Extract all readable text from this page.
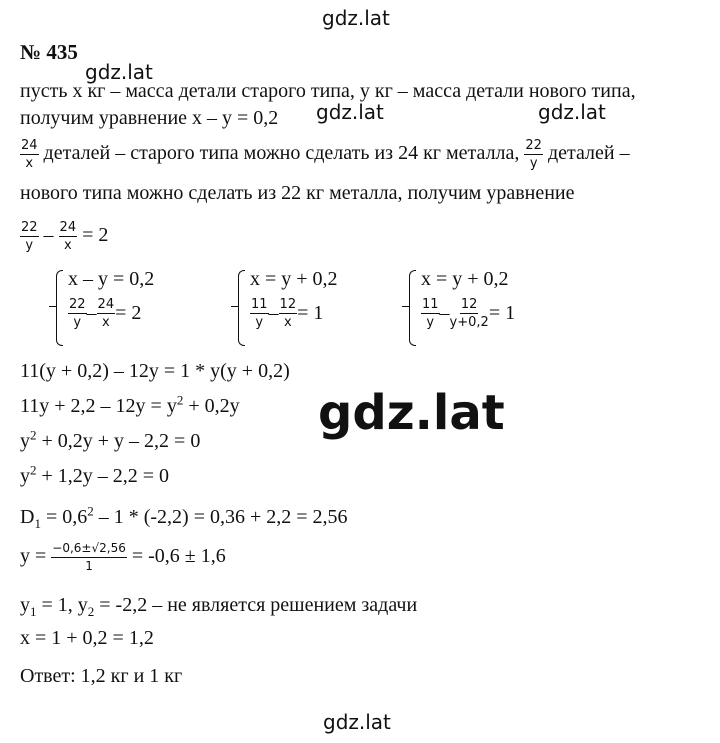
gdz.lat
gdz.lat
gdz.lat	gdz.lat
gdz.lat
gdz.lat
№ 435
пусть х кг – масса детали старого типа, у кг – масса детали нового типа,
получим уравнение х – у = 0,2
$\frac{24}{x}$ деталей – старого типа можно сделать из 24 кг металла, $\frac{22}{y}$ деталей –
нового типа можно сделать из 22 кг металла, получим уравнение
$\frac{22}{y} - \frac{24}{x} = 2$
x – y = 0,2
$\frac{22}{y} - \frac{24}{x} = 2$
x = y + 0,2
$\frac{11}{y} - \frac{12}{x} = 1$
x = y + 0,2
$\frac{11}{y} - \frac{12}{y+0,2} = 1$
11(y + 0,2) – 12y = 1 * y(y + 0,2)
$11y + 2,2 - 12y = y^2 + 0,2y$
$y^2 + 0,2y + y - 2,2 = 0$
$y^2 + 1,2y - 2,2 = 0$
$D_1 = 0,6^2 - 1 * (-2,2) = 0,36 + 2,2 = 2,56$
$y = \frac{-0,6\pm√2,56}{1} = -0,6 \pm 1,6$
$y_1 = 1$, $y_2 = -2,2$ – не является решением задачи
x = 1 + 0,2 = 1,2
Ответ: 1,2 кг и 1 кг
